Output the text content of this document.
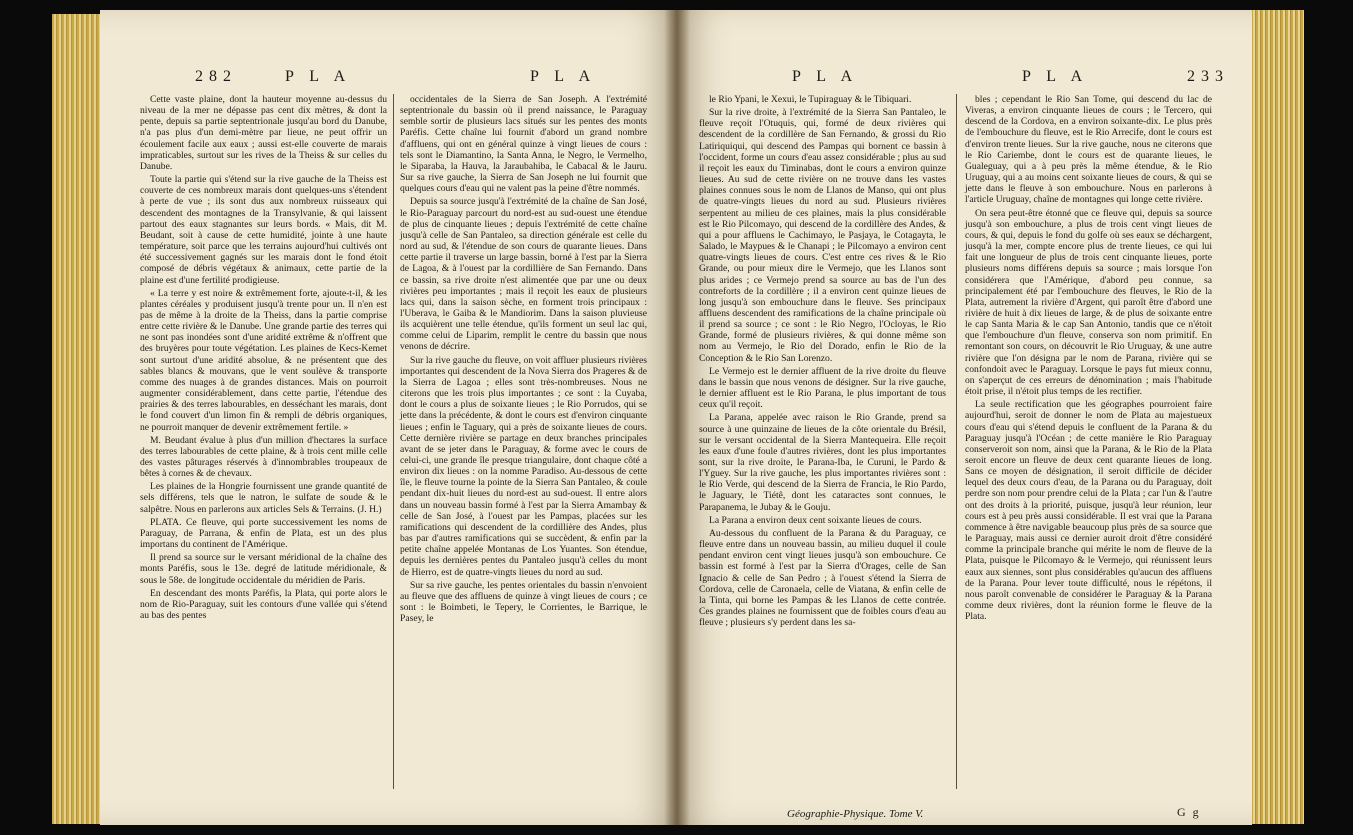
282	P L A	P L A

Cette vaste plaine, dont la hauteur moyenne au-dessus du niveau de la mer ne dépasse pas cent dix mètres, & dont la pente, depuis sa partie septentrionale jusqu'au bord du Danube, n'a pas plus d'un demi-mètre par lieue, ne peut offrir un écoulement facile aux eaux ; aussi est-elle couverte de marais impraticables, surtout sur les rives de la Theiss & sur celles du Danube.

Toute la partie qui s'étend sur la rive gauche de la Theiss est couverte de ces nombreux marais dont quelques-uns s'étendent à perte de vue ; ils sont dus aux nombreux ruisseaux qui descendent des montagnes de la Transylvanie, & qui laissent partout des eaux stagnantes sur leurs bords. « Mais, dit M. Beudant, soit à cause de cette humidité, jointe à une haute température, soit parce que les terrains aujourd'hui cultivés ont été successivement gagnés sur les marais dont le fond étoit composé de débris végétaux & animaux, cette partie de la plaine est d'une fertilité prodigieuse.

« La terre y est noire & extrêmement forte, ajoute-t-il, & les plantes céréales y produisent jusqu'à trente pour un. Il n'en est pas de même à la droite de la Theiss, dans la partie comprise entre cette rivière & le Danube. Une grande partie des terres qui ne sont pas inondées sont d'une aridité extrême & n'offrent que des bruyères pour toute végétation. Les plaines de Kecs-Kemet sont surtout d'une aridité absolue, & ne présentent que des sables blancs & mouvans, que le vent soulève & transporte comme des nuages à de grandes distances. Mais on pourroit augmenter considérablement, dans cette partie, l'étendue des prairies & des terres labourables, en desséchant les marais, dont le fond couvert d'un limon fin & rempli de débris organiques, ne pourroit manquer de devenir extrêmement fertile. »

M. Beudant évalue à plus d'un million d'hectares la surface des terres labourables de cette plaine, & à trois cent mille celle des vastes pâturages réservés à d'innombrables troupeaux de bêtes à cornes & de chevaux.

Les plaines de la Hongrie fournissent une grande quantité de sels différens, tels que le natron, le sulfate de soude & le salpêtre. Nous en parlerons aux articles Sels & Terrains. (J. H.)

PLATA. Ce fleuve, qui porte successivement les noms de Paraguay, de Parrana, & enfin de Plata, est un des plus importans du continent de l'Amérique.

Il prend sa source sur le versant méridional de la chaîne des monts Paréfis, sous le 13e. degré de latitude méridionale, & sous le 58e. de longitude occidentale du méridien de Paris.

En descendant des monts Paréfis, la Plata, qui porte alors le nom de Rio-Paraguay, suit les contours d'une vallée qui s'étend au bas des pentes

occidentales de la Sierra de San Joseph. A l'extrémité septentrionale du bassin où il prend naissance, le Paraguay semble sortir de plusieurs lacs situés sur les pentes des monts Paréfis. Cette chaîne lui fournit d'abord un grand nombre d'affluens, qui ont en général quinze à vingt lieues de cours : tels sont le Diamantino, la Santa Anna, le Negro, le Vermelho, le Siparaba, la Hauva, la Jaraubahiba, le Cabacal & le Jauru. Sur sa rive gauche, la Sierra de San Joseph ne lui fournit que quelques cours d'eau qui ne valent pas la peine d'être nommés.

Depuis sa source jusqu'à l'extrémité de la chaîne de San José, le Rio-Paraguay parcourt du nord-est au sud-ouest une étendue de plus de cinquante lieues ; depuis l'extrémité de cette chaîne jusqu'à celle de San Pantaleo, sa direction générale est celle du nord au sud, & l'étendue de son cours de quarante lieues. Dans cette partie il traverse un large bassin, borné à l'est par la Sierra de Lagoa, & à l'ouest par la cordillière de San Fernando. Dans ce bassin, sa rive droite n'est alimentée que par une ou deux rivières peu importantes ; mais il reçoit les eaux de plusieurs lacs qui, dans la saison sèche, en forment trois principaux : l'Uberava, le Gaiba & le Mandiorim. Dans la saison pluvieuse ils acquièrent une telle étendue, qu'ils forment un seul lac qui, comme celui de Liparim, remplit le centre du bassin que nous venons de décrire.

Sur la rive gauche du fleuve, on voit affluer plusieurs rivières importantes qui descendent de la Nova Sierra dos Prageres & de la Sierra de Lagoa ; elles sont très-nombreuses. Nous ne citerons que les trois plus importantes ; ce sont : la Cuyaba, dont le cours a plus de soixante lieues ; le Rio Porrudos, qui se jette dans la précédente, & dont le cours est d'environ cinquante lieues ; enfin le Taguary, qui a près de soixante lieues de cours. Cette dernière rivière se partage en deux branches principales avant de se jeter dans le Paraguay, & forme avec le cours de celui-ci, une grande île presque triangulaire, dont chaque côté a environ dix lieues : on la nomme Paradiso. Au-dessous de cette île, le fleuve tourne la pointe de la Sierra San Pantaleo, & coule pendant dix-huit lieues du nord-est au sud-ouest. Il entre alors dans un nouveau bassin formé à l'est par la Sierra Amambay & celle de San José, à l'ouest par les Pampas, placées sur les ramifications qui descendent de la cordillière des Andes, plus bas par d'autres ramifications qui se succèdent, & enfin par la petite chaîne appelée Montanas de Los Yuantes. Son étendue, depuis les dernières pentes du Pantaleo jusqu'à celles du mont de Hierro, est de quatre-vingts lieues du nord au sud.

Sur sa rive gauche, les pentes orientales du bassin n'envoient au fleuve que des affluens de quinze à vingt lieues de cours ; ce sont : le Boimbeti, le Tepery, le Corrientes, le Barrique, le Pasey, le

P L A	P L A	233

le Rio Ypani, le Xexui, le Tupiraguay & le Tibiquari.

Sur la rive droite, à l'extrémité de la Sierra San Pantaleo, le fleuve reçoit l'Otuquis, qui, formé de deux rivières qui descendent de la cordillère de San Fernando, & grossi du Rio Latiriquiqui, qui descend des Pampas qui bornent ce bassin à l'occident, forme un cours d'eau assez considérable ; plus au sud il reçoit les eaux du Timinabas, dont le cours a environ quinze lieues. Au sud de cette rivière on ne trouve dans les vastes plaines connues sous le nom de Llanos de Manso, qui ont plus de quatre-vingts lieues du nord au sud. Plusieurs rivières serpentent au milieu de ces plaines, mais la plus considérable est le Rio Pilcomayo, qui descend de la cordillère des Andes, & qui a pour affluens le Cachimayo, le Pasjaya, le Cotagayta, le Salado, le Maypues & le Chanapi ; le Pilcomayo a environ cent quatre-vingts lieues de cours. C'est entre ces rives & le Rio Grande, ou pour mieux dire le Vermejo, que les Llanos sont plus arides ; ce Vermejo prend sa source au bas de l'un des contreforts de la cordillère ; il a environ cent quinze lieues de long jusqu'à son embouchure dans le fleuve. Ses principaux affluens descendent des ramifications de la chaîne principale où il prend sa source ; ce sont : le Rio Negro, l'Ocloyas, le Rio Grande, formé de plusieurs rivières, & qui donne même son nom au Vermejo, le Rio del Dorado, enfin le Rio de la Conception & le Rio San Lorenzo.

Le Vermejo est le dernier affluent de la rive droite du fleuve dans le bassin que nous venons de désigner. Sur la rive gauche, le dernier affluent est le Rio Parana, le plus important de tous ceux qu'il reçoit.

La Parana, appelée avec raison le Rio Grande, prend sa source à une quinzaine de lieues de la côte orientale du Brésil, sur le versant occidental de la Sierra Mantequeira. Elle reçoit les eaux d'une foule d'autres rivières, dont les plus importantes sont, sur la rive droite, le Parana-Iba, le Curuni, le Pardo & l'Yguey. Sur la rive gauche, les plus importantes rivières sont : le Rio Verde, qui descend de la Sierra de Francia, le Rio Pardo, le Jaguary, le Tiétê, dont les cataractes sont connues, le Parapanema, le Jubay & le Gouju.

La Parana a environ deux cent soixante lieues de cours.

Au-dessous du confluent de la Parana & du Paraguay, ce fleuve entre dans un nouveau bassin, au milieu duquel il coule pendant environ cent vingt lieues jusqu'à son embouchure. Ce bassin est formé à l'est par la Sierra d'Orages, celle de San Ignacio & celle de San Pedro ; à l'ouest s'étend la Sierra de Cordova, celle de Caronaela, celle de Viatana, & enfin celle de la Tinta, qui borne les Pampas & les Llanos de cette contrée. Ces grandes plaines ne fournissent que de foibles cours d'eau au fleuve ; plusieurs s'y perdent dans les sa-

bles ; cependant le Rio San Tome, qui descend du lac de Viveras, a environ cinquante lieues de cours ; le Tercero, qui descend de la Cordova, en a environ soixante-dix. Le plus près de l'embouchure du fleuve, est le Rio Arrecife, dont le cours est d'environ trente lieues. Sur la rive gauche, nous ne citerons que le Rio Cariembe, dont le cours est de quarante lieues, le Gualeguay, qui a à peu près la même étendue, & le Rio Uruguay, qui a au moins cent soixante lieues de cours, & qui se jette dans le fleuve à son embouchure. Nous en parlerons à l'article Uruguay, chaîne de montagnes qui longe cette rivière.

On sera peut-être étonné que ce fleuve qui, depuis sa source jusqu'à son embouchure, a plus de trois cent vingt lieues de cours, & qui, depuis le fond du golfe où ses eaux se déchargent, jusqu'à la mer, compte encore plus de trente lieues, ce qui lui fait une longueur de plus de trois cent cinquante lieues, porte plusieurs noms différens depuis sa source ; mais lorsque l'on considérera que l'Amérique, d'abord peu connue, sa principalement été par l'embouchure des fleuves, le Rio de la Plata, autrement la rivière d'Argent, qui paroît être d'abord une rivière de huit à dix lieues de large, & de plus de soixante entre le cap Santa Maria & le cap San Antonio, tandis que ce n'étoit que l'embouchure d'un fleuve, conserva son nom primitif. En remontant son cours, on découvrit le Rio Uruguay, & une autre rivière que l'on désigna par le nom de Parana, rivière qui se confondoit avec le Paraguay. Lorsque le pays fut mieux connu, on s'aperçut de ces erreurs de dénomination ; mais l'habitude étoit prise, il n'étoit plus temps de les rectifier.

La seule rectification que les géographes pourroient faire aujourd'hui, seroit de donner le nom de Plata au majestueux cours d'eau qui s'étend depuis le confluent de la Parana & du Paraguay jusqu'à l'Océan ; de cette manière le Rio Paraguay conserveroit son nom, ainsi que la Parana, & le Rio de la Plata seroit encore un fleuve de deux cent quarante lieues de long. Sans ce moyen de désignation, il seroit difficile de décider lequel des deux cours d'eau, de la Parana ou du Paraguay, doit perdre son nom pour prendre celui de la Plata ; car l'un & l'autre ont des droits à la priorité, puisque, jusqu'à leur réunion, leur cours est à peu près aussi considérable. Il est vrai que la Parana commence à être navigable beaucoup plus près de sa source que le Paraguay, mais aussi ce dernier auroit droit d'être considéré comme la principale branche qui mérite le nom de fleuve de la Plata, puisque le Pilcomayo & le Vermejo, qui réunissent leurs eaux aux siennes, sont plus considérables qu'aucun des affluens de la Parana. Pour lever toute difficulté, nous le répétons, il nous paroît convenable de considérer le Paraguay & la Parana comme deux rivières, dont la réunion forme le fleuve de la Plata.

Géographie-Physique. Tome V.	G g
